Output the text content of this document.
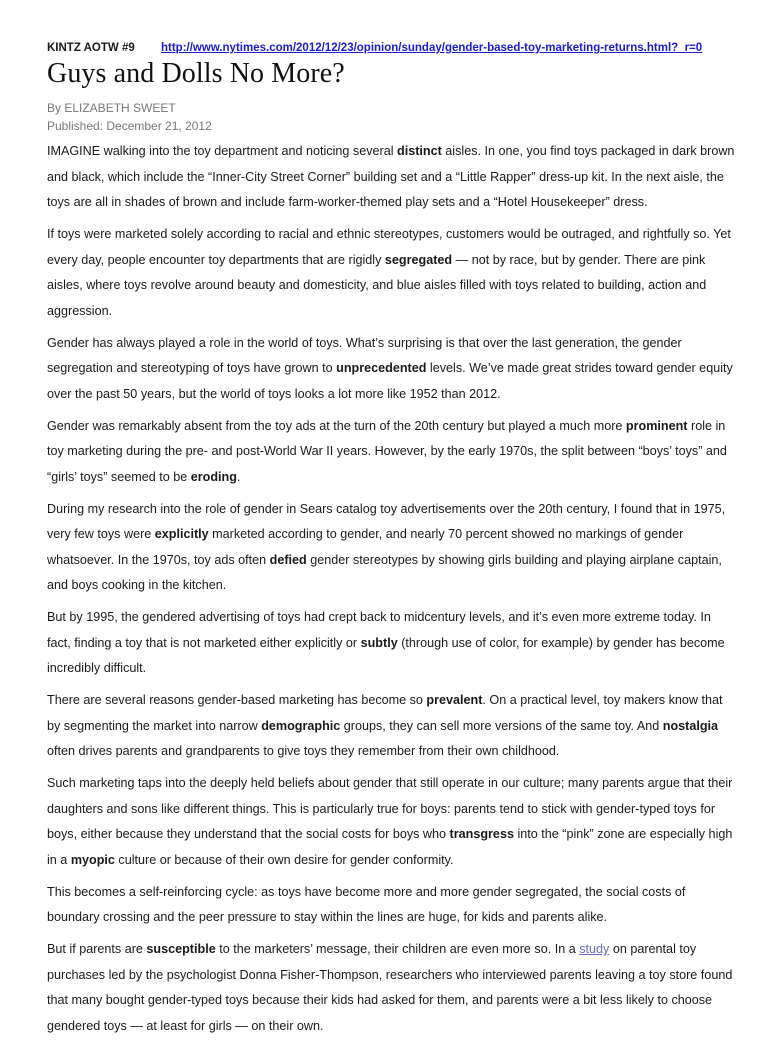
KINTZ AOTW #9 http://www.nytimes.com/2012/12/23/opinion/sunday/gender-based-toy-marketing-returns.html?_r=0
Guys and Dolls No More?

By ELIZABETH SWEET

Published: December 21, 2012

IMAGINE walking into the toy department and noticing several distinct aisles. In one, you find toys packaged in dark brown and black, which include the “Inner-City Street Corner” building set and a “Little Rapper” dress-up kit. In the next aisle, the toys are all in shades of brown and include farm-worker-themed play sets and a “Hotel Housekeeper” dress.

If toys were marketed solely according to racial and ethnic stereotypes, customers would be outraged, and rightfully so. Yet every day, people encounter toy departments that are rigidly segregated — not by race, but by gender. There are pink aisles, where toys revolve around beauty and domesticity, and blue aisles filled with toys related to building, action and aggression.

Gender has always played a role in the world of toys. What’s surprising is that over the last generation, the gender segregation and stereotyping of toys have grown to unprecedented levels. We’ve made great strides toward gender equity over the past 50 years, but the world of toys looks a lot more like 1952 than 2012.

Gender was remarkably absent from the toy ads at the turn of the 20th century but played a much more prominent role in toy marketing during the pre- and post-World War II years. However, by the early 1970s, the split between “boys’ toys” and “girls’ toys” seemed to be eroding.

During my research into the role of gender in Sears catalog toy advertisements over the 20th century, I found that in 1975, very few toys were explicitly marketed according to gender, and nearly 70 percent showed no markings of gender whatsoever. In the 1970s, toy ads often defied gender stereotypes by showing girls building and playing airplane captain, and boys cooking in the kitchen.

But by 1995, the gendered advertising of toys had crept back to midcentury levels, and it’s even more extreme today. In fact, finding a toy that is not marketed either explicitly or subtly (through use of color, for example) by gender has become incredibly difficult.

There are several reasons gender-based marketing has become so prevalent. On a practical level, toy makers know that by segmenting the market into narrow demographic groups, they can sell more versions of the same toy. And nostalgia often drives parents and grandparents to give toys they remember from their own childhood.

Such marketing taps into the deeply held beliefs about gender that still operate in our culture; many parents argue that their daughters and sons like different things. This is particularly true for boys: parents tend to stick with gender-typed toys for boys, either because they understand that the social costs for boys who transgress into the “pink” zone are especially high in a myopic culture or because of their own desire for gender conformity.

This becomes a self-reinforcing cycle: as toys have become more and more gender segregated, the social costs of boundary crossing and the peer pressure to stay within the lines are huge, for kids and parents alike.

But if parents are susceptible to the marketers’ message, their children are even more so. In a study on parental toy purchases led by the psychologist Donna Fisher-Thompson, researchers who interviewed parents leaving a toy store found that many bought gender-typed toys because their kids had asked for them, and parents were a bit less likely to choose gendered toys — at least for girls — on their own.
